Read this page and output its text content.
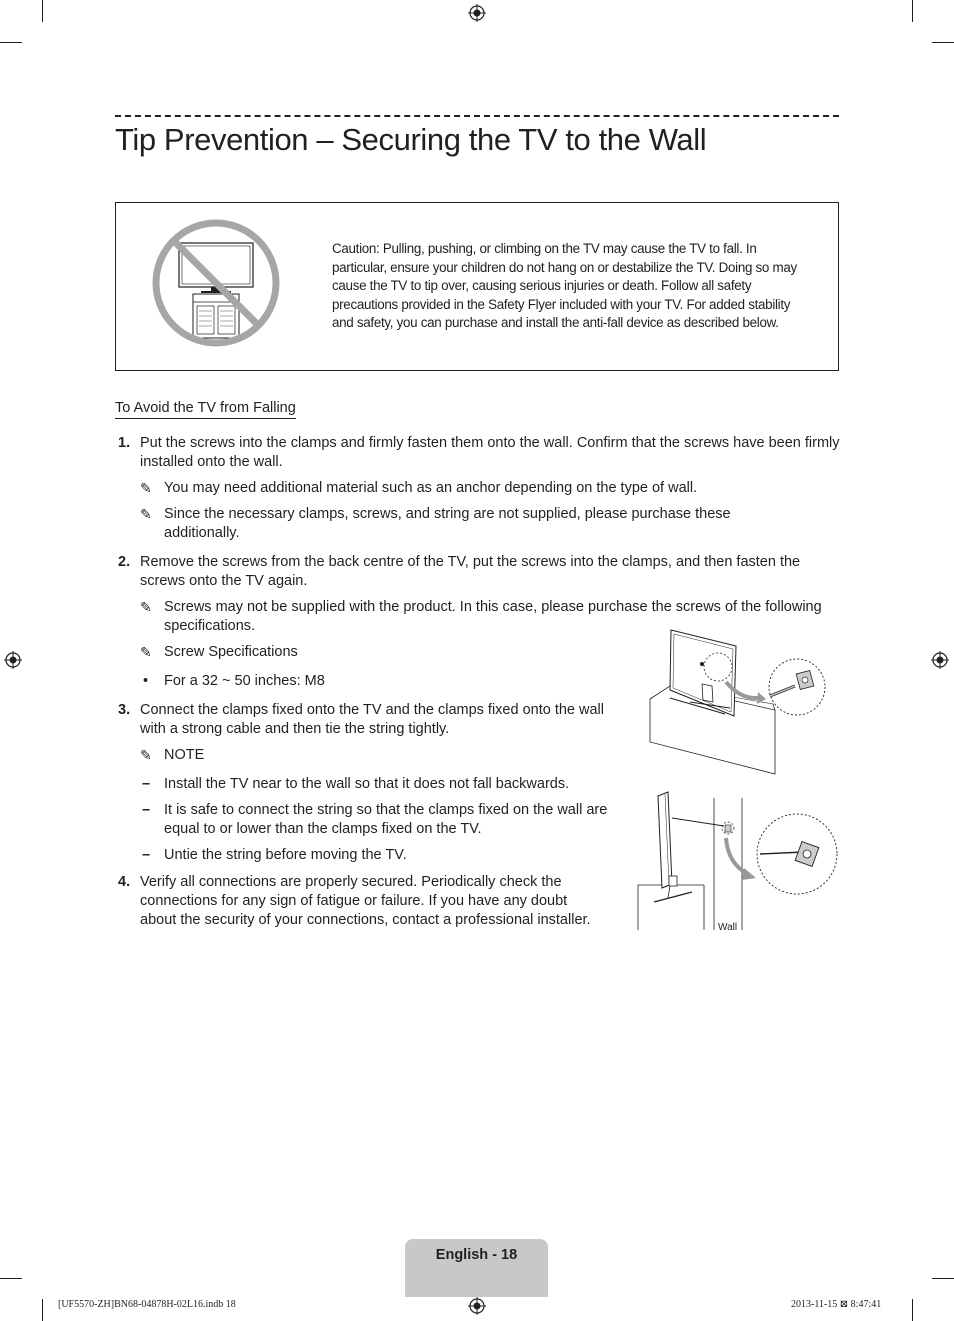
Tip Prevention – Securing the TV to the Wall
Caution: Pulling, pushing, or climbing on the TV may cause the TV to fall. In particular, ensure your children do not hang on or destabilize the TV. Doing so may cause the TV to tip over, causing serious injuries or death. Follow all safety precautions provided in the Safety Flyer included with your TV. For added stability and safety, you can purchase and install the anti-fall device as described below.
To Avoid the TV from Falling
1. Put the screws into the clamps and firmly fasten them onto the wall. Confirm that the screws have been firmly installed onto the wall.
✎ You may need additional material such as an anchor depending on the type of wall.
✎ Since the necessary clamps, screws, and string are not supplied, please purchase these additionally.
2. Remove the screws from the back centre of the TV, put the screws into the clamps, and then fasten the screws onto the TV again.
✎ Screws may not be supplied with the product. In this case, please purchase the screws of the following specifications.
✎ Screw Specifications
• For a 32 ~ 50 inches: M8
3. Connect the clamps fixed onto the TV and the clamps fixed onto the wall with a strong cable and then tie the string tightly.
✎ NOTE
– Install the TV near to the wall so that it does not fall backwards.
– It is safe to connect the string so that the clamps fixed on the wall are equal to or lower than the clamps fixed on the TV.
– Untie the string before moving the TV.
4. Verify all connections are properly secured. Periodically check the connections for any sign of fatigue or failure. If you have any doubt about the security of your connections, contact a professional installer.	Wall
English - 18
[UF5570-ZH]BN68-04878H-02L16.indb 18	2013-11-15 ⊠ 8:47:41
